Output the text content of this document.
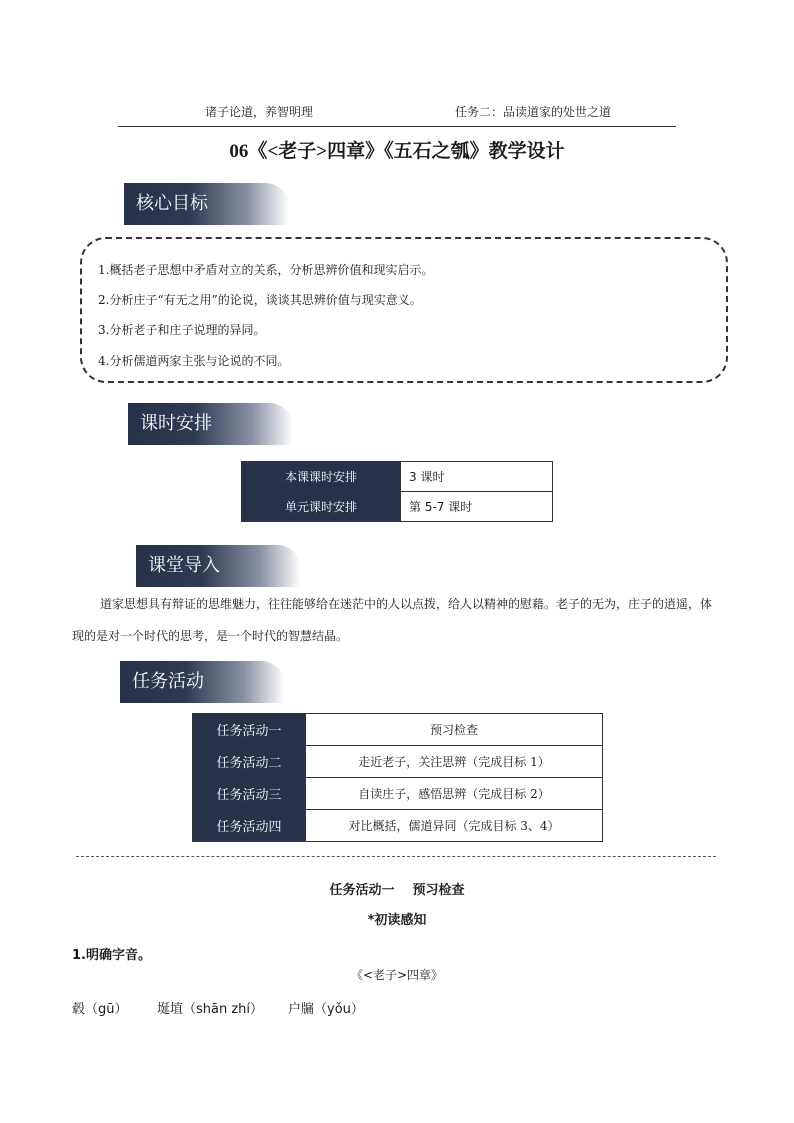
诸子论道，养智明理	任务二：品读道家的处世之道
06《<老子>四章》《五石之瓠》教学设计
核心目标
1.概括老子思想中矛盾对立的关系，分析思辨价值和现实启示。
2.分析庄子“有无之用”的论说，谈谈其思辨价值与现实意义。
3.分析老子和庄子说理的异同。
4.分析儒道两家主张与论说的不同。
课时安排
本课课时安排	3 课时
单元课时安排	第 5-7 课时
课堂导入
道家思想具有辩证的思维魅力，往往能够给在迷茫中的人以点拨，给人以精神的慰藉。老子的无为，庄子的逍遥，体现的是对一个时代的思考，是一个时代的智慧结晶。
任务活动
任务活动一	预习检查
任务活动二	走近老子，关注思辨（完成目标 1）
任务活动三	自读庄子，感悟思辨（完成目标 2）
任务活动四	对比概括，儒道异同（完成目标 3、4）
任务活动一    预习检查
*初读感知
1.明确字音。
《<老子>四章》
毂（gū） 埏埴（shān zhí） 户牖（yǒu）
